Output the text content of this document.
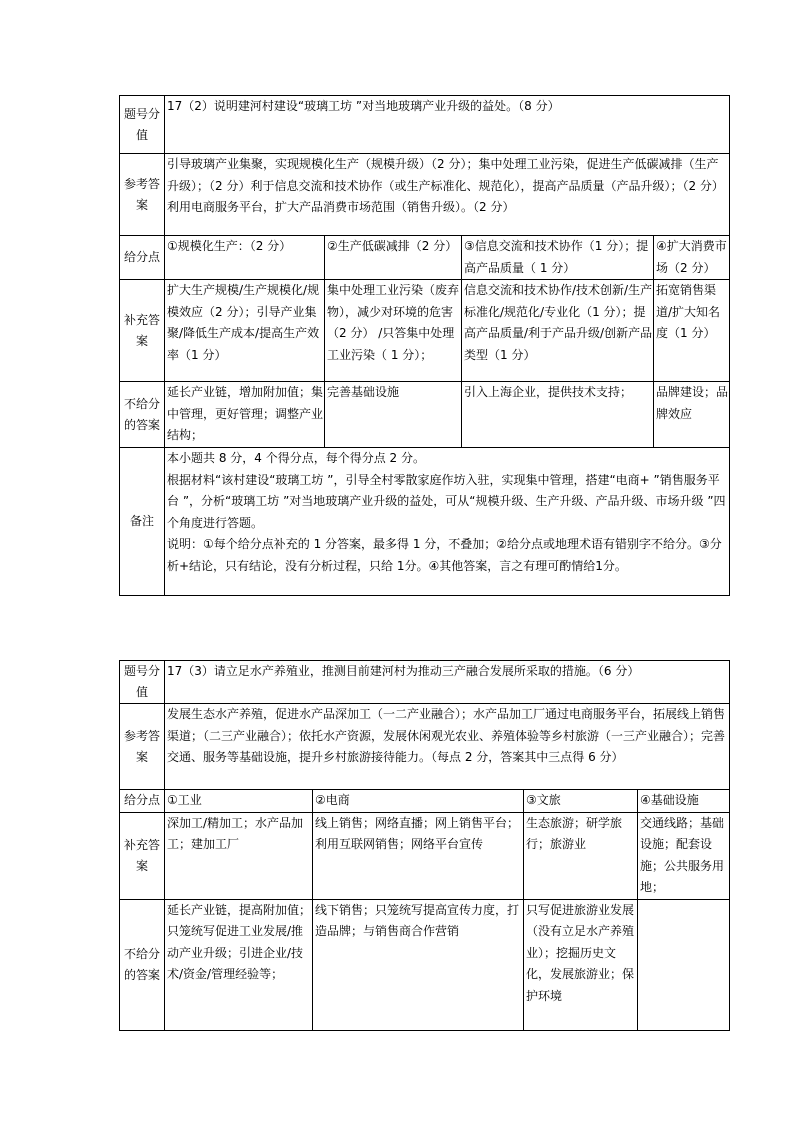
题号分值	17（2）说明建河村建设“玻璃工坊 ”对当地玻璃产业升级的益处。（8 分）			
参考答案	引导玻璃产业集聚，实现规模化生产（规模升级）（2 分）；集中处理工业污染，促进生产低碳减排（生产升级）；（2 分）利于信息交流和技术协作（或生产标准化、规范化），提高产品质量（产品升级）；（2 分）利用电商服务平台，扩大产品消费市场范围（销售升级）。（2 分）			
给分点	①规模化生产：（2 分）	②生产低碳减排（2 分）	③信息交流和技术协作（1 分）；提高产品质量（ 1 分）	④扩大消费市场（2 分）
补充答案	扩大生产规模/生产规模化/规模效应（2 分）；引导产业集聚/降低生产成本/提高生产效率（1 分）	集中处理工业污染（废弃物），减少对环境的危害（2 分） /只答集中处理工业污染（ 1 分）；	信息交流和技术协作/技术创新/生产标准化/规范化/专业化（1 分）；提高产品质量/利于产品升级/创新产品类型（1 分）	拓宽销售渠道/扩大知名度（1 分）
不给分的答案	延长产业链，增加附加值；集中管理，更好管理；调整产业结构；	完善基础设施	引入上海企业，提供技术支持；	品牌建设；品牌效应
备注	本小题共 8 分，4 个得分点，每个得分点 2 分。
根据材料“该村建设“玻璃工坊 ”，引导全村零散家庭作坊入驻，实现集中管理，搭建“电商+ ”销售服务平台 ”，分析“玻璃工坊 ”对当地玻璃产业升级的益处，可从“规模升级、生产升级、产品升级、市场升级 ”四个角度进行答题。
说明：①每个给分点补充的 1 分答案，最多得 1 分，不叠加；②给分点或地理术语有错别字不给分。③分析+结论，只有结论，没有分析过程，只给 1分。④其他答案，言之有理可酌情给1分。			
题号分值	17（3）请立足水产养殖业，推测目前建河村为推动三产融合发展所采取的措施。（6 分）			
参考答案	发展生态水产养殖，促进水产品深加工（一二产业融合）；水产品加工厂通过电商服务平台，拓展线上销售渠道；（二三产业融合）；依托水产资源，发展休闲观光农业、养殖体验等乡村旅游（一三产业融合）；完善交通、服务等基础设施，提升乡村旅游接待能力。（每点 2 分，答案其中三点得 6 分）			
给分点	①工业	②电商	③文旅	④基础设施
补充答案	深加工/精加工；水产品加工；建加工厂	线上销售；网络直播；网上销售平台；利用互联网销售；网络平台宣传	生态旅游；研学旅行；旅游业	交通线路；基础设施；配套设施；公共服务用地；
不给分的答案	延长产业链，提高附加值；只笼统写促进工业发展/推动产业升级；引进企业/技术/资金/管理经验等；	线下销售；只笼统写提高宣传力度，打造品牌；与销售商合作营销	只写促进旅游业发展（没有立足水产养殖业）；挖掘历史文化，发展旅游业；保护环境	
